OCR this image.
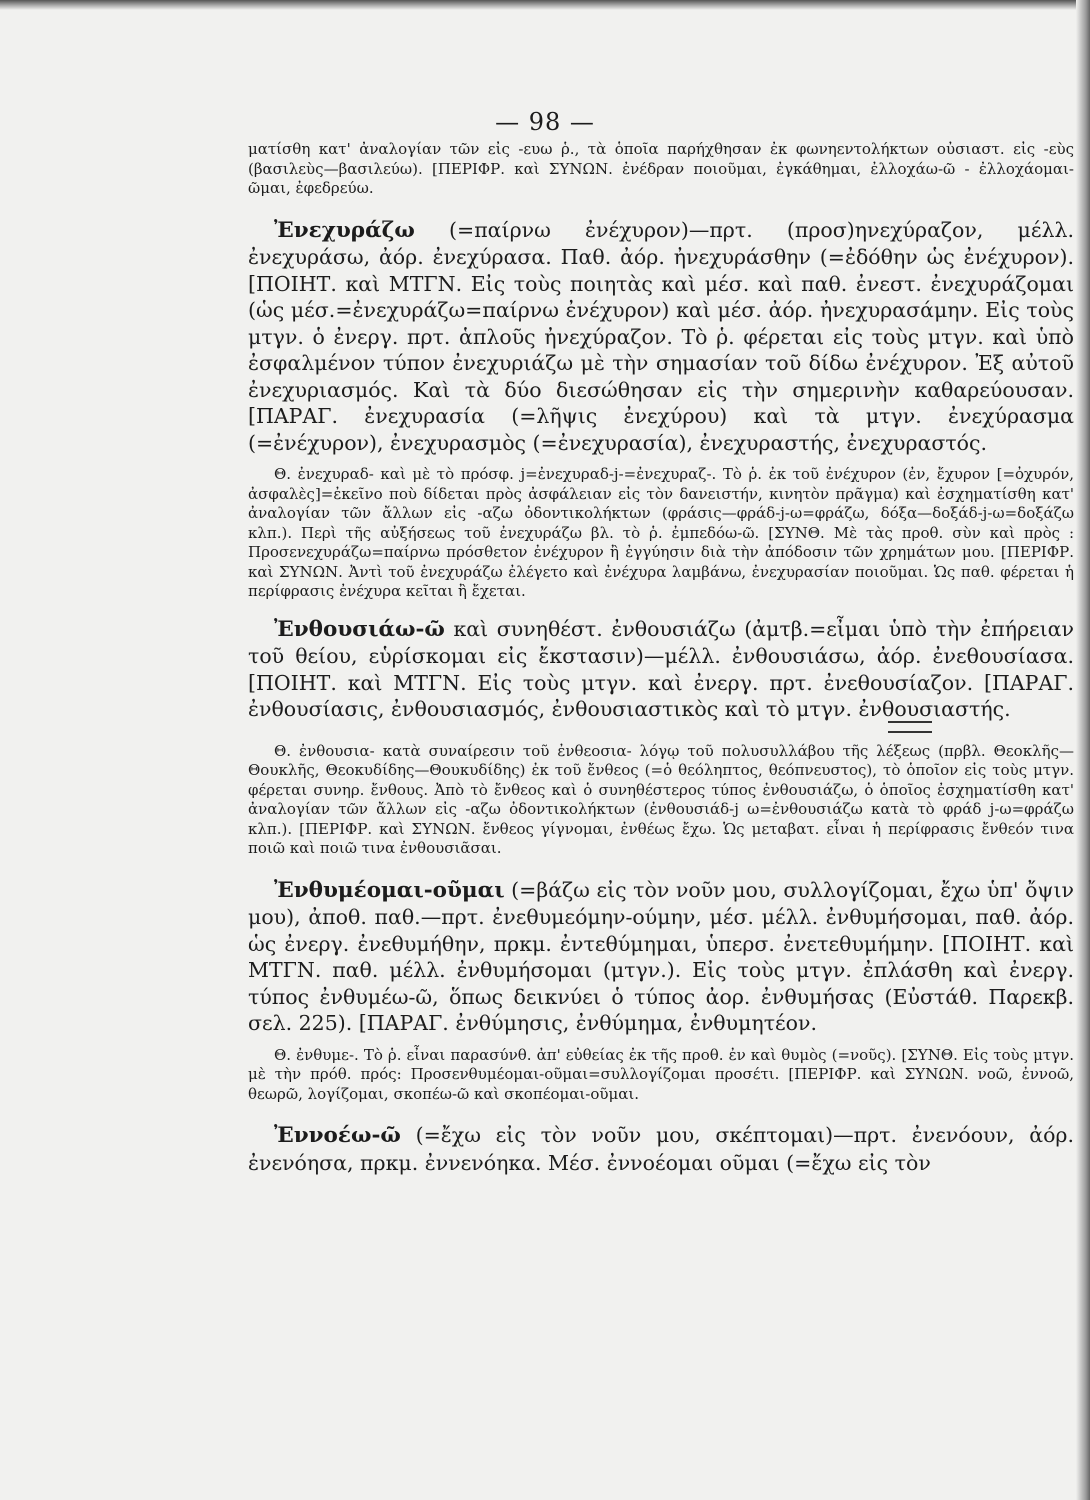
— 98 —

ματίσθη κατ' ἀναλογίαν τῶν εἰς -ευω ῥ., τὰ ὁποῖα παρήχθησαν ἐκ φωνηεντολήκτων οὐσιαστ. εἰς -εὺς (βασιλεὺς—βασιλεύω). [ΠΕΡΙΦΡ. καὶ ΣΥΝΩΝ. ἐνέδραν ποιοῦμαι, ἐγκάθημαι, ἐλλοχάω-ῶ - ἐλλοχάομαι-ῶμαι, ἐφεδρεύω.

Ἐνεχυράζω (=παίρνω ἐνέχυρον)—πρτ. (προσ)ηνεχύραζον, μέλλ. ἐνεχυράσω, ἀόρ. ἐνεχύρασα. Παθ. ἀόρ. ἠνεχυράσθην (=ἐδόθην ὡς ἐνέχυρον). [ΠΟΙΗΤ. καὶ ΜΤΓΝ. Εἰς τοὺς ποιητὰς καὶ μέσ. καὶ παθ. ἐνεστ. ἐνεχυράζομαι (ὡς μέσ.=ἐνεχυράζω=παίρνω ἐνέχυρον) καὶ μέσ. ἀόρ. ἠνεχυρασάμην. Εἰς τοὺς μτγν. ὁ ἐνεργ. πρτ. ἁπλοῦς ἠνεχύραζον. Τὸ ῥ. φέρεται εἰς τοὺς μτγν. καὶ ὑπὸ ἐσφαλμένον τύπον ἐνεχυριάζω μὲ τὴν σημασίαν τοῦ δίδω ἐνέχυρον. Ἐξ αὐτοῦ ἐνεχυριασμός. Καὶ τὰ δύο διεσώθησαν εἰς τὴν σημερινὴν καθαρεύουσαν. [ΠΑΡΑΓ. ἐνεχυρασία (=λῆψις ἐνεχύρου) καὶ τὰ μτγν. ἐνεχύρασμα (=ἐνέχυρον), ἐνεχυρασμὸς (=ἐνεχυρασία), ἐνεχυραστής, ἐνεχυραστός.

Θ. ἐνεχυραδ- καὶ μὲ τὸ πρόσφ. j=ἐνεχυραδ-j-=ἐνεχυραζ-. Τὸ ῥ. ἐκ τοῦ ἐνέχυρον (ἐν, ἔχυρον [=ὀχυρόν, ἀσφαλὲς]=ἐκεῖνο ποὺ δίδεται πρὸς ἀσφάλειαν εἰς τὸν δανειστήν, κινητὸν πρᾶγμα) καὶ ἐσχηματίσθη κατ' ἀναλογίαν τῶν ἄλλων εἰς -αζω ὀδοντικολήκτων (φράσις—φράδ-j-ω=φράζω, δόξα—δοξάδ-j-ω=δοξάζω κλπ.). Περὶ τῆς αὐξήσεως τοῦ ἐνεχυράζω βλ. τὸ ῥ. ἐμπεδόω-ῶ. [ΣΥΝΘ. Μὲ τὰς προθ. σὺν καὶ πρὸς : Προσενεχυράζω=παίρνω πρόσθετον ἐνέχυρον ἢ ἐγγύησιν διὰ τὴν ἀπόδοσιν τῶν χρημάτων μου. [ΠΕΡΙΦΡ. καὶ ΣΥΝΩΝ. Ἀντὶ τοῦ ἐνεχυράζω ἐλέγετο καὶ ἐνέχυρα λαμβάνω, ἐνεχυρασίαν ποιοῦμαι. Ὡς παθ. φέρεται ἡ περίφρασις ἐνέχυρα κεῖται ἢ ἔχεται.

Ἐνθουσιάω-ῶ καὶ συνηθέστ. ἐνθουσιάζω (ἀμτβ.=εἶμαι ὑπὸ τὴν ἐπήρειαν τοῦ θείου, εὑρίσκομαι εἰς ἔκστασιν)—μέλλ. ἐνθουσιάσω, ἀόρ. ἐνεθουσίασα. [ΠΟΙΗΤ. καὶ ΜΤΓΝ. Εἰς τοὺς μτγν. καὶ ἐνεργ. πρτ. ἐνεθουσίαζον. [ΠΑΡΑΓ. ἐνθουσίασις, ἐνθουσιασμός, ἐνθουσιαστικὸς καὶ τὸ μτγν. ἐνθουσιαστής.

Θ. ἐνθουσια- κατὰ συναίρεσιν τοῦ ἐνθεοσια- λόγῳ τοῦ πολυσυλλάβου τῆς λέξεως (πρβλ. Θεοκλῆς—Θουκλῆς, Θεοκυδίδης—Θουκυδίδης) ἐκ τοῦ ἔνθεος (=ὁ θεόληπτος, θεόπνευστος), τὸ ὁποῖον εἰς τοὺς μτγν. φέρεται συνηρ. ἔνθους. Ἀπὸ τὸ ἔνθεος καὶ ὁ συνηθέστερος τύπος ἐνθουσιάζω, ὁ ὁποῖος ἐσχηματίσθη κατ' ἀναλογίαν τῶν ἄλλων εἰς -αζω ὀδοντικολήκτων (ἐνθουσιάδ-j ω=ἐνθουσιάζω κατὰ τὸ φράδ j-ω=φράζω κλπ.). [ΠΕΡΙΦΡ. καὶ ΣΥΝΩΝ. ἔνθεος γίγνομαι, ἐνθέως ἔχω. Ὡς μεταβατ. εἶναι ἡ περίφρασις ἔνθεόν τινα ποιῶ καὶ ποιῶ τινα ἐνθουσιᾶσαι.

Ἐνθυμέομαι-οῦμαι (=βάζω εἰς τὸν νοῦν μου, συλλογίζομαι, ἔχω ὑπ' ὄψιν μου), ἀποθ. παθ.—πρτ. ἐνεθυμεόμην-ούμην, μέσ. μέλλ. ἐνθυμήσομαι, παθ. ἀόρ. ὡς ἐνεργ. ἐνεθυμήθην, πρκμ. ἐντεθύμημαι, ὑπερσ. ἐνετεθυμήμην. [ΠΟΙΗΤ. καὶ ΜΤΓΝ. παθ. μέλλ. ἐνθυμήσομαι (μτγν.). Εἰς τοὺς μτγν. ἐπλάσθη καὶ ἐνεργ. τύπος ἐνθυμέω-ῶ, ὅπως δεικνύει ὁ τύπος ἀορ. ἐνθυμήσας (Εὐστάθ. Παρεκβ. σελ. 225). [ΠΑΡΑΓ. ἐνθύμησις, ἐνθύμημα, ἐνθυμητέον.

Θ. ἐνθυμε-. Τὸ ῥ. εἶναι παρασύνθ. ἀπ' εὐθείας ἐκ τῆς προθ. ἐν καὶ θυμὸς (=νοῦς). [ΣΥΝΘ. Εἰς τοὺς μτγν. μὲ τὴν πρόθ. πρός: Προσενθυμέομαι-οῦμαι=συλλογίζομαι προσέτι. [ΠΕΡΙΦΡ. καὶ ΣΥΝΩΝ. νοῶ, ἐννοῶ, θεωρῶ, λογίζομαι, σκοπέω-ῶ καὶ σκοπέομαι-οῦμαι.

Ἐννοέω-ῶ (=ἔχω εἰς τὸν νοῦν μου, σκέπτομαι)—πρτ. ἐνενόουν, ἀόρ. ἐνενόησα, πρκμ. ἐννενόηκα. Μέσ. ἐννοέομαι οῦμαι (=ἔχω εἰς τὸν
